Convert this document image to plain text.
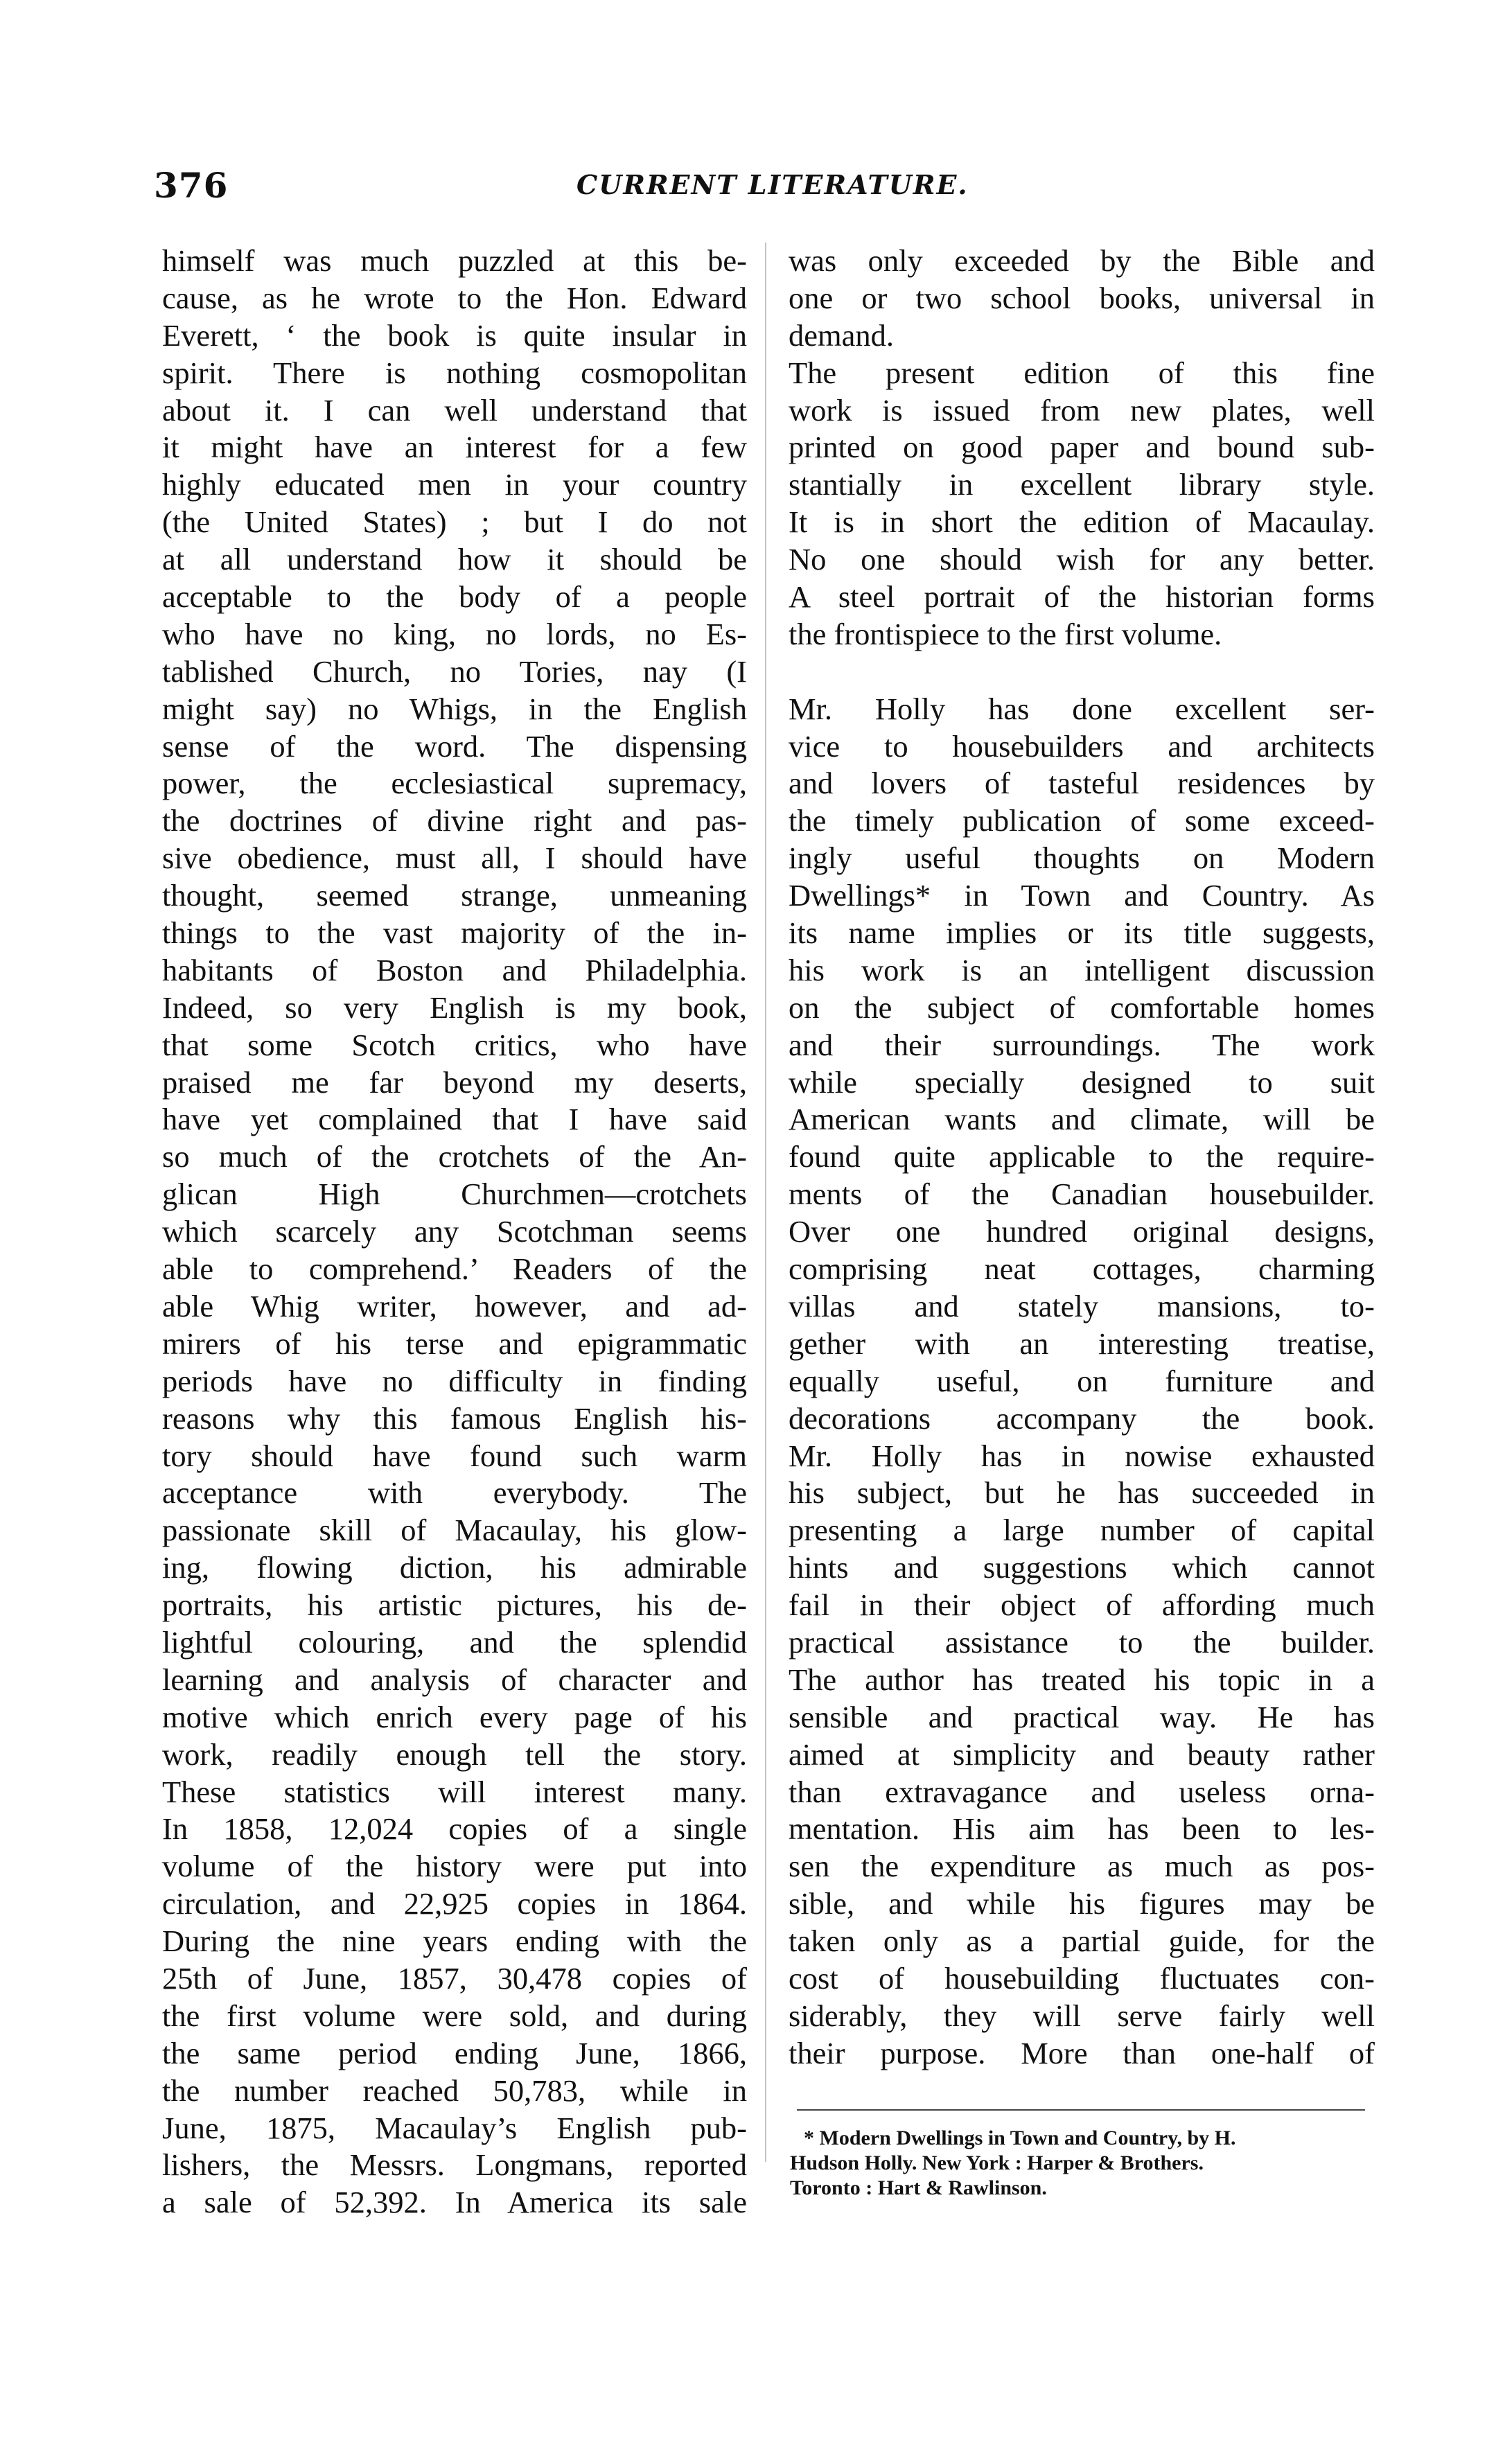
376	CURRENT LITERATURE.
himself was much puzzled at this be-
cause, as he wrote to the Hon. Edward
Everett, ‘ the book is quite insular in
spirit. There is nothing cosmopolitan
about it. I can well understand that
it might have an interest for a few
highly educated men in your country
(the United States) ; but I do not
at all understand how it should be
acceptable to the body of a people
who have no king, no lords, no Es-
tablished Church, no Tories, nay (I
might say) no Whigs, in the English
sense of the word. The dispensing
power, the ecclesiastical supremacy,
the doctrines of divine right and pas-
sive obedience, must all, I should have
thought, seemed strange, unmeaning
things to the vast majority of the in-
habitants of Boston and Philadelphia.
Indeed, so very English is my book,
that some Scotch critics, who have
praised me far beyond my deserts,
have yet complained that I have said
so much of the crotchets of the An-
glican High Churchmen—crotchets
which scarcely any Scotchman seems
able to comprehend.’ Readers of the
able Whig writer, however, and ad-
mirers of his terse and epigrammatic
periods have no difficulty in finding
reasons why this famous English his-
tory should have found such warm
acceptance with everybody. The
passionate skill of Macaulay, his glow-
ing, flowing diction, his admirable
portraits, his artistic pictures, his de-
lightful colouring, and the splendid
learning and analysis of character and
motive which enrich every page of his
work, readily enough tell the story.
These statistics will interest many.
In 1858, 12,024 copies of a single
volume of the history were put into
circulation, and 22,925 copies in 1864.
During the nine years ending with the
25th of June, 1857, 30,478 copies of
the first volume were sold, and during
the same period ending June, 1866,
the number reached 50,783, while in
June, 1875, Macaulay’s English pub-
lishers, the Messrs. Longmans, reported
a sale of 52,392. In America its sale
was only exceeded by the Bible and
one or two school books, universal in
demand.
The present edition of this fine
work is issued from new plates, well
printed on good paper and bound sub-
stantially in excellent library style.
It is in short the edition of Macaulay.
No one should wish for any better.
A steel portrait of the historian forms
the frontispiece to the first volume.
Mr. Holly has done excellent ser-
vice to housebuilders and architects
and lovers of tasteful residences by
the timely publication of some exceed-
ingly useful thoughts on Modern
Dwellings* in Town and Country. As
its name implies or its title suggests,
his work is an intelligent discussion
on the subject of comfortable homes
and their surroundings. The work
while specially designed to suit
American wants and climate, will be
found quite applicable to the require-
ments of the Canadian housebuilder.
Over one hundred original designs,
comprising neat cottages, charming
villas and stately mansions, to-
gether with an interesting treatise,
equally useful, on furniture and
decorations accompany the book.
Mr. Holly has in nowise exhausted
his subject, but he has succeeded in
presenting a large number of capital
hints and suggestions which cannot
fail in their object of affording much
practical assistance to the builder.
The author has treated his topic in a
sensible and practical way. He has
aimed at simplicity and beauty rather
than extravagance and useless orna-
mentation. His aim has been to les-
sen the expenditure as much as pos-
sible, and while his figures may be
taken only as a partial guide, for the
cost of housebuilding fluctuates con-
siderably, they will serve fairly well
their purpose. More than one-half of
* Modern Dwellings in Town and Country, by H.
Hudson Holly. New York : Harper & Brothers.
Toronto : Hart & Rawlinson.
